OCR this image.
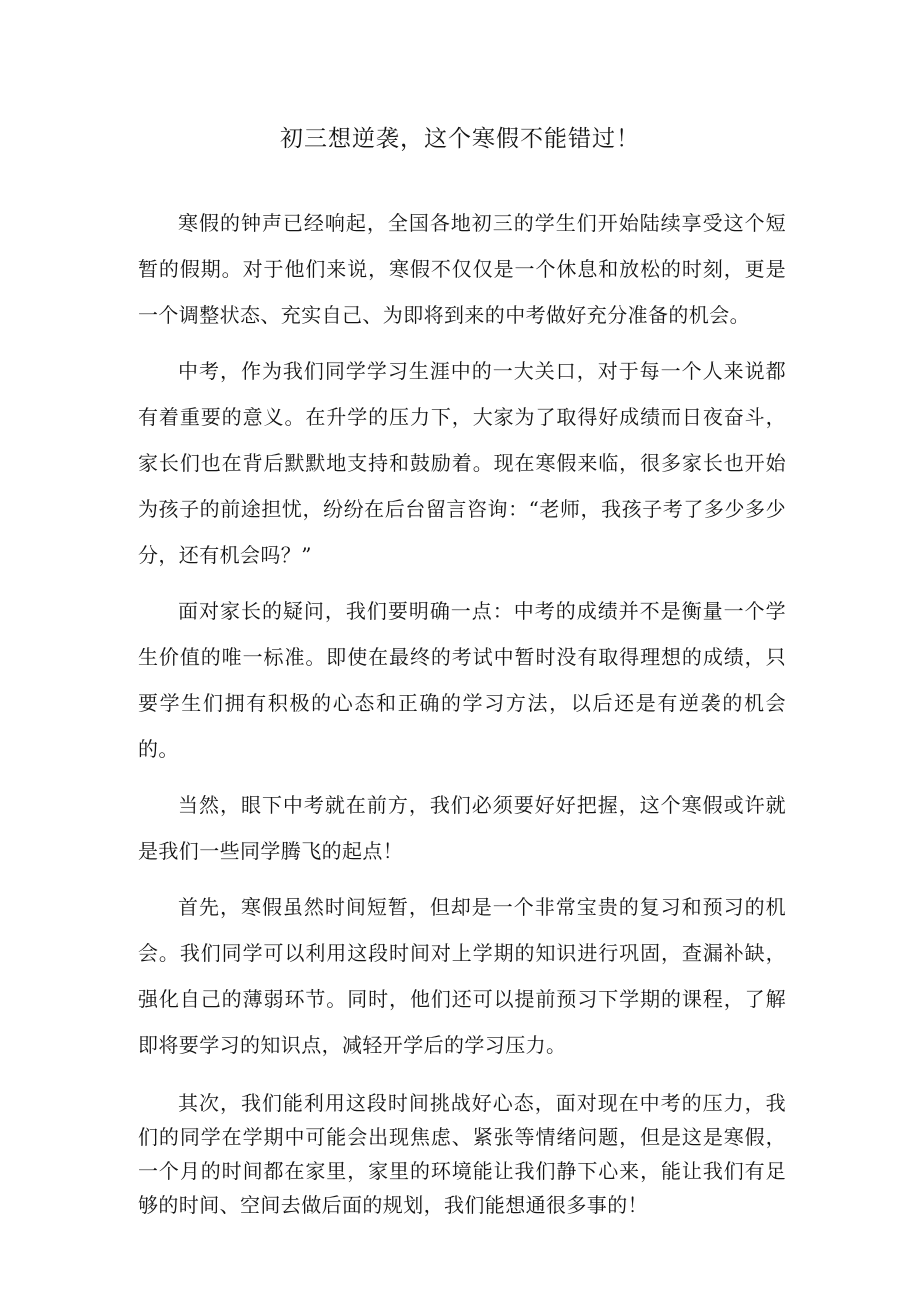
初三想逆袭，这个寒假不能错过！

寒假的钟声已经响起，全国各地初三的学生们开始陆续享受这个短暂的假期。对于他们来说，寒假不仅仅是一个休息和放松的时刻，更是一个调整状态、充实自己、为即将到来的中考做好充分准备的机会。

中考，作为我们同学学习生涯中的一大关口，对于每一个人来说都有着重要的意义。在升学的压力下，大家为了取得好成绩而日夜奋斗，家长们也在背后默默地支持和鼓励着。现在寒假来临，很多家长也开始为孩子的前途担忧，纷纷在后台留言咨询：“老师，我孩子考了多少多少分，还有机会吗？”

面对家长的疑问，我们要明确一点：中考的成绩并不是衡量一个学生价值的唯一标准。即使在最终的考试中暂时没有取得理想的成绩，只要学生们拥有积极的心态和正确的学习方法，以后还是有逆袭的机会的。

当然，眼下中考就在前方，我们必须要好好把握，这个寒假或许就是我们一些同学腾飞的起点！

首先，寒假虽然时间短暂，但却是一个非常宝贵的复习和预习的机会。我们同学可以利用这段时间对上学期的知识进行巩固，查漏补缺，强化自己的薄弱环节。同时，他们还可以提前预习下学期的课程，了解即将要学习的知识点，减轻开学后的学习压力。

其次，我们能利用这段时间挑战好心态，面对现在中考的压力，我们的同学在学期中可能会出现焦虑、紧张等情绪问题，但是这是寒假，一个月的时间都在家里，家里的环境能让我们静下心来，能让我们有足够的时间、空间去做后面的规划，我们能想通很多事的！
